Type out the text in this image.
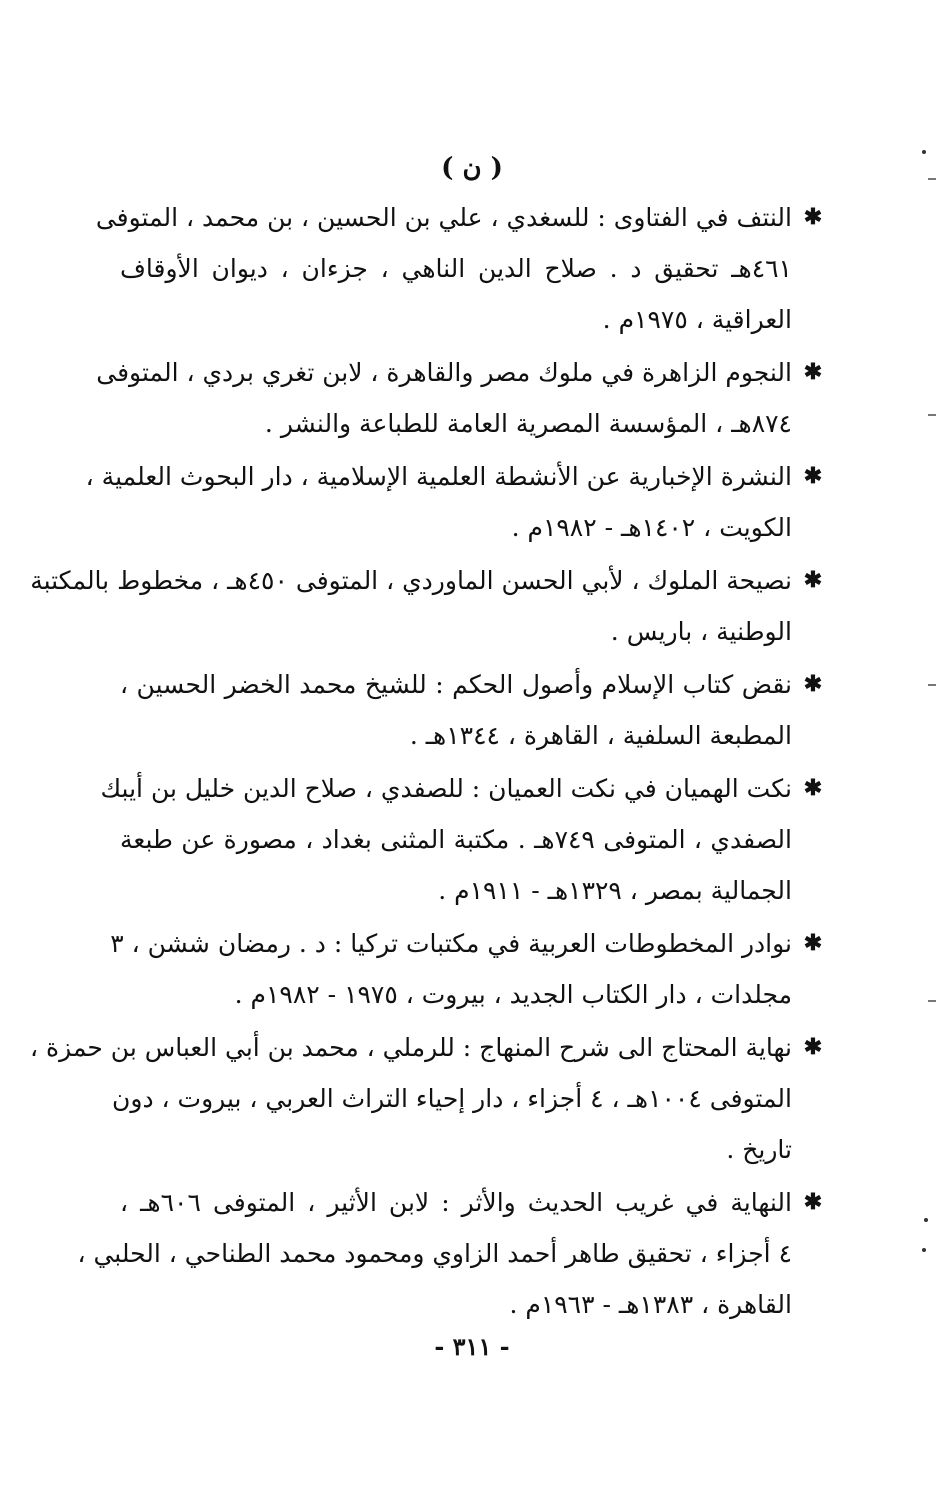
( ن )
✱
النتف في الفتاوى : للسغدي ، علي بن الحسين ، بن محمد ، المتوفى
٤٦١هـ تحقيق د . صلاح الدين الناهي ، جزءان ، ديوان الأوقاف
العراقية ، ١٩٧٥م .
✱
النجوم الزاهرة في ملوك مصر والقاهرة ، لابن تغري بردي ، المتوفى
٨٧٤هـ ، المؤسسة المصرية العامة للطباعة والنشر .
✱
النشرة الإخبارية عن الأنشطة العلمية الإسلامية ، دار البحوث العلمية ،
الكويت ، ١٤٠٢هـ - ١٩٨٢م .
✱
نصيحة الملوك ، لأبي الحسن الماوردي ، المتوفى ٤٥٠هـ ، مخطوط بالمكتبة
الوطنية ، باريس .
✱
نقض كتاب الإسلام وأصول الحكم : للشيخ محمد الخضر الحسين ،
المطبعة السلفية ، القاهرة ، ١٣٤٤هـ .
✱
نكت الهميان في نكت العميان : للصفدي ، صلاح الدين خليل بن أيبك
الصفدي ، المتوفى ٧٤٩هـ . مكتبة المثنى بغداد ، مصورة عن طبعة
الجمالية بمصر ، ١٣٢٩هـ - ١٩١١م .
✱
نوادر المخطوطات العربية في مكتبات تركيا : د . رمضان ششن ، ٣
مجلدات ، دار الكتاب الجديد ، بيروت ، ١٩٧٥ - ١٩٨٢م .
✱
نهاية المحتاج الى شرح المنهاج : للرملي ، محمد بن أبي العباس بن حمزة ،
المتوفى ١٠٠٤هـ ، ٤ أجزاء ، دار إحياء التراث العربي ، بيروت ، دون
تاريخ .
✱
النهاية في غريب الحديث والأثر : لابن الأثير ، المتوفى ٦٠٦هـ ،
٤ أجزاء ، تحقيق طاهر أحمد الزاوي ومحمود محمد الطناحي ، الحلبي ،
القاهرة ، ١٣٨٣هـ - ١٩٦٣م .
- ٣١١ -
